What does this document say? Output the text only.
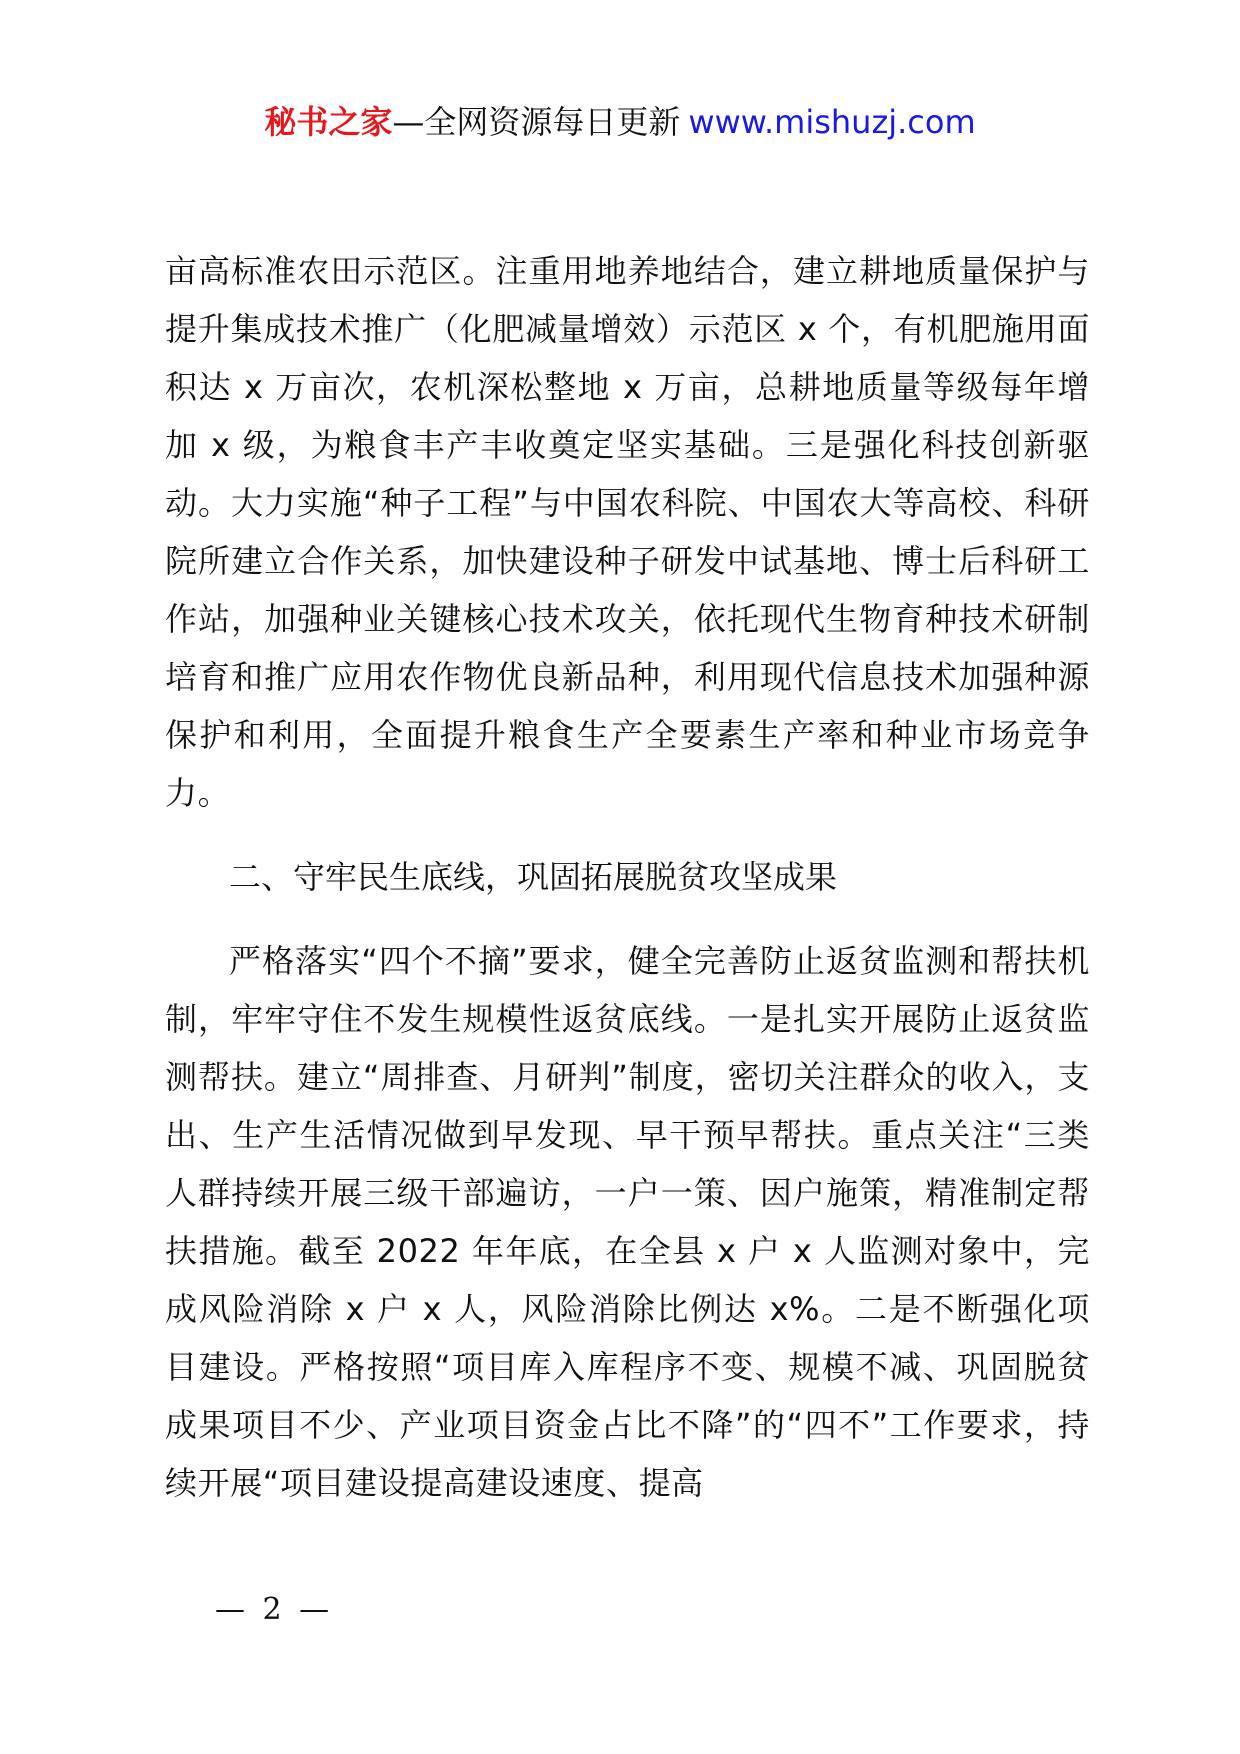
秘书之家—全网资源每日更新 www.mishuzj.com

亩高标准农田示范区。注重用地养地结合，建立耕地质量保护与提升集成技术推广（化肥减量增效）示范区 x 个，有机肥施用面积达 x 万亩次，农机深松整地 x 万亩，总耕地质量等级每年增加 x 级，为粮食丰产丰收奠定坚实基础。三是强化科技创新驱动。大力实施“种子工程”与中国农科院、中国农大等高校、科研院所建立合作关系，加快建设种子研发中试基地、博士后科研工作站，加强种业关键核心技术攻关，依托现代生物育种技术研制培育和推广应用农作物优良新品种，利用现代信息技术加强种源保护和利用，全面提升粮食生产全要素生产率和种业市场竞争力。

二、守牢民生底线，巩固拓展脱贫攻坚成果

严格落实“四个不摘”要求，健全完善防止返贫监测和帮扶机制，牢牢守住不发生规模性返贫底线。一是扎实开展防止返贫监测帮扶。建立“周排查、月研判”制度，密切关注群众的收入，支出、生产生活情况做到早发现、早干预早帮扶。重点关注“三类人群持续开展三级干部遍访，一户一策、因户施策，精准制定帮扶措施。截至 2022 年年底，在全县 x 户 x 人监测对象中，完成风险消除 x 户 x 人，风险消除比例达 x%。二是不断强化项目建设。严格按照“项目库入库程序不变、规模不减、巩固脱贫成果项目不少、产业项目资金占比不降”的“四不”工作要求，持续开展“项目建设提高建设速度、提高

— 2 —
